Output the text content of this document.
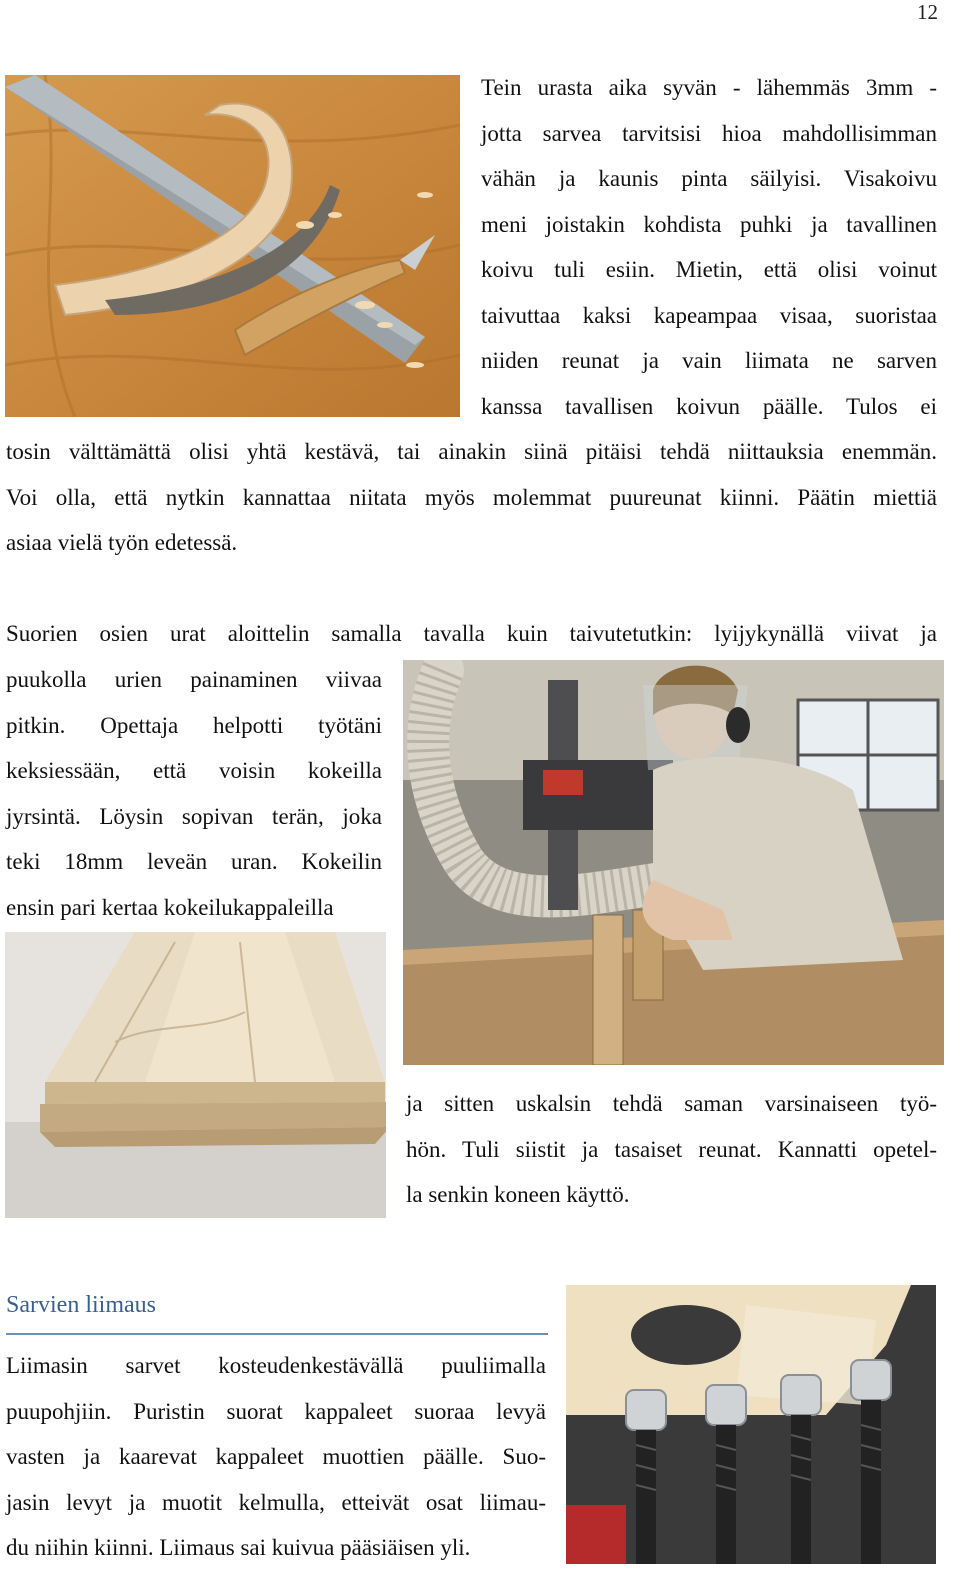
12
Tein urasta aika syvän - lähemmäs 3mm -
jotta sarvea tarvitsisi hioa mahdollisimman
vähän ja kaunis pinta säilyisi. Visakoivu
meni joistakin kohdista puhki ja tavallinen
koivu tuli esiin. Mietin, että olisi voinut
taivuttaa kaksi kapeampaa visaa, suoristaa
niiden reunat ja vain liimata ne sarven
kanssa tavallisen koivun päälle. Tulos ei
tosin välttämättä olisi yhtä kestävä, tai ainakin siinä pitäisi tehdä niittauksia enemmän.
Voi olla, että nytkin kannattaa niitata myös molemmat puureunat kiinni. Päätin miettiä
asiaa vielä työn edetessä.
Suorien osien urat aloittelin samalla tavalla kuin taivutetutkin: lyijykynällä viivat ja
puukolla urien painaminen viivaa
pitkin. Opettaja helpotti työtäni
keksiessään, että voisin kokeilla
jyrsintä. Löysin sopivan terän, joka
teki 18mm leveän uran. Kokeilin
ensin pari kertaa kokeilukappaleilla
ja sitten uskalsin tehdä saman varsinaiseen työ-
hön. Tuli siistit ja tasaiset reunat. Kannatti opetel-
la senkin koneen käyttö.
Sarvien liimaus
Liimasin sarvet kosteudenkestävällä puuliimalla
puupohjiin. Puristin suorat kappaleet suoraa levyä
vasten ja kaarevat kappaleet muottien päälle. Suo-
jasin levyt ja muotit kelmulla, etteivät osat liimau-
du niihin kiinni. Liimaus sai kuivua pääsiäisen yli.
